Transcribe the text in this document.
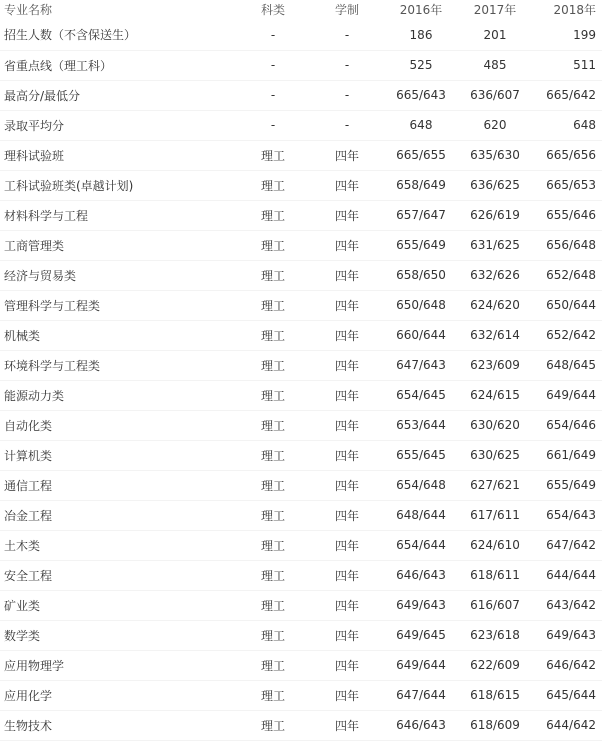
专业名称	科类	学制	2016年	2017年	2018年
招生人数（不含保送生）	-	-	186	201	199
省重点线（理工科）	-	-	525	485	511
最高分/最低分	-	-	665/643	636/607	665/642
录取平均分	-	-	648	620	648
理科试验班	理工	四年	665/655	635/630	665/656
工科试验班类(卓越计划)	理工	四年	658/649	636/625	665/653
材料科学与工程	理工	四年	657/647	626/619	655/646
工商管理类	理工	四年	655/649	631/625	656/648
经济与贸易类	理工	四年	658/650	632/626	652/648
管理科学与工程类	理工	四年	650/648	624/620	650/644
机械类	理工	四年	660/644	632/614	652/642
环境科学与工程类	理工	四年	647/643	623/609	648/645
能源动力类	理工	四年	654/645	624/615	649/644
自动化类	理工	四年	653/644	630/620	654/646
计算机类	理工	四年	655/645	630/625	661/649
通信工程	理工	四年	654/648	627/621	655/649
冶金工程	理工	四年	648/644	617/611	654/643
土木类	理工	四年	654/644	624/610	647/642
安全工程	理工	四年	646/643	618/611	644/644
矿业类	理工	四年	649/643	616/607	643/642
数学类	理工	四年	649/645	623/618	649/643
应用物理学	理工	四年	649/644	622/609	646/642
应用化学	理工	四年	647/644	618/615	645/644
生物技术	理工	四年	646/643	618/609	644/642
